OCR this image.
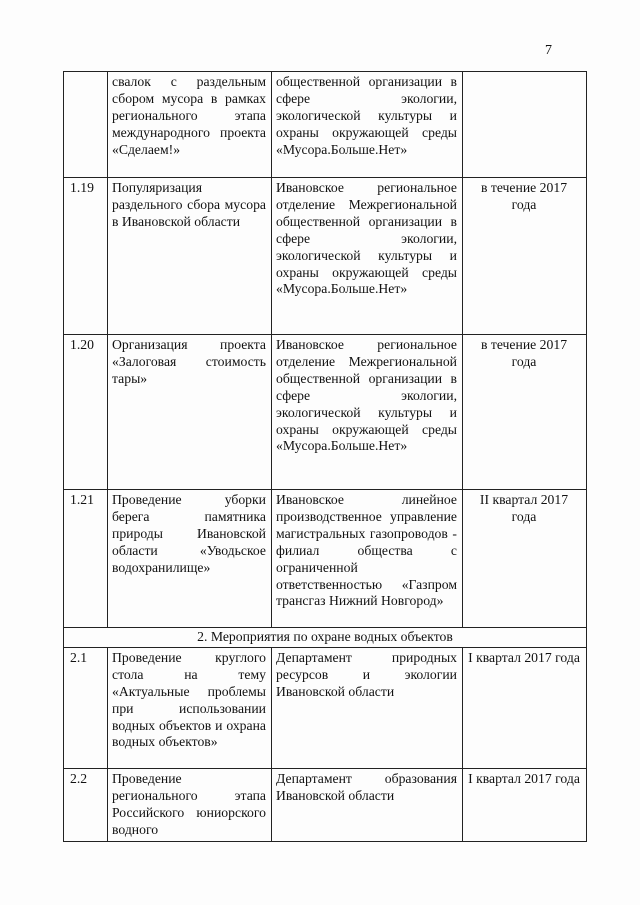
7
	свалок с раздельным сбором мусора в рамках регионального этапа международного проекта «Сделаем!»	общественной организации в сфере экологии, экологической культуры и охраны окружающей среды «Мусора.Больше.Нет»	
1.19	Популяризация раздельного сбора мусора в Ивановской области	Ивановское региональное отделение Межрегиональной общественной организации в сфере экологии, экологической культуры и охраны окружающей среды «Мусора.Больше.Нет»	в течение 2017 года
1.20	Организация проекта «Залоговая стоимость тары»	Ивановское региональное отделение Межрегиональной общественной организации в сфере экологии, экологической культуры и охраны окружающей среды «Мусора.Больше.Нет»	в течение 2017 года
1.21	Проведение уборки берега памятника природы Ивановской области «Уводьское водохранилище»	Ивановское линейное производственное управление магистральных газопроводов - филиал общества с ограниченной ответственностью «Газпром трансгаз Нижний Новгород»	II квартал 2017 года
2. Мероприятия по охране водных объектов			
2.1	Проведение круглого стола на тему «Актуальные проблемы при использовании водных объектов и охрана водных объектов»	Департамент природных ресурсов и экологии Ивановской области	I квартал 2017 года
2.2	Проведение регионального этапа Российского юниорского водного	Департамент образования Ивановской области	I квартал 2017 года
